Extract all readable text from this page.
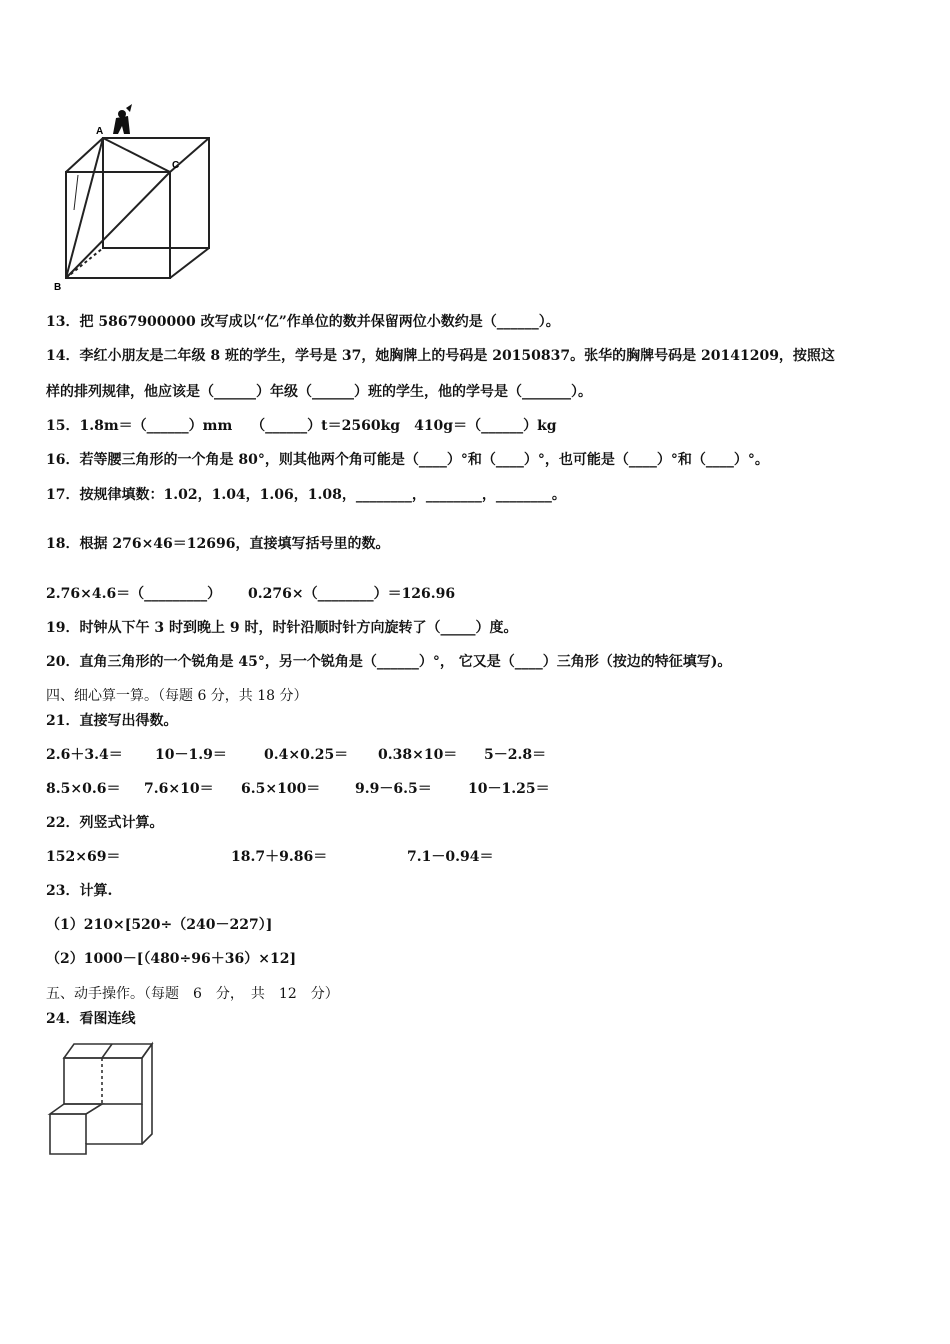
A
C
B
13．把 5867900000 改写成以“亿”作单位的数并保留两位小数约是（______）。
14．李红小朋友是二年级 8 班的学生，学号是 37，她胸牌上的号码是 20150837。张华的胸牌号码是 20141209，按照这
样的排列规律，他应该是（______）年级（______）班的学生，他的学号是（_______）。
15．1.8m＝（______）mm　 （______）t＝2560kg　410g＝（______）kg
16．若等腰三角形的一个角是 80°，则其他两个角可能是（____）°和（____）°，也可能是（____）°和（____）°。
17．按规律填数：1.02，1.04，1.06，1.08，________，________，________。
18．根据 276×46＝12696，直接填写括号里的数。
2.76×4.6＝（_________） 0.276×（________）＝126.96
19．时钟从下午 3 时到晚上 9 时，时针沿顺时针方向旋转了（_____）度。
20．直角三角形的一个锐角是 45°，另一个锐角是（______）°， 它又是（____）三角形（按边的特征填写)。
四、细心算一算。（每题 6 分，共 18 分）
21．直接写出得数。
2.6＋3.4＝ 10－1.9＝	0.4×0.25＝ 0.38×10＝ 5－2.8＝
8.5×0.6＝ 7.6×10＝ 6.5×100＝ 9.9－6.5＝	10－1.25＝
22．列竖式计算。
152×69＝	18.7＋9.86＝	7.1－0.94＝
23．计算.
（1）210×[520÷（240－227）]
（2）1000－[（480÷96＋36）×12]
五、动手操作。（每题　6　分，　共　12　分）
24．看图连线
